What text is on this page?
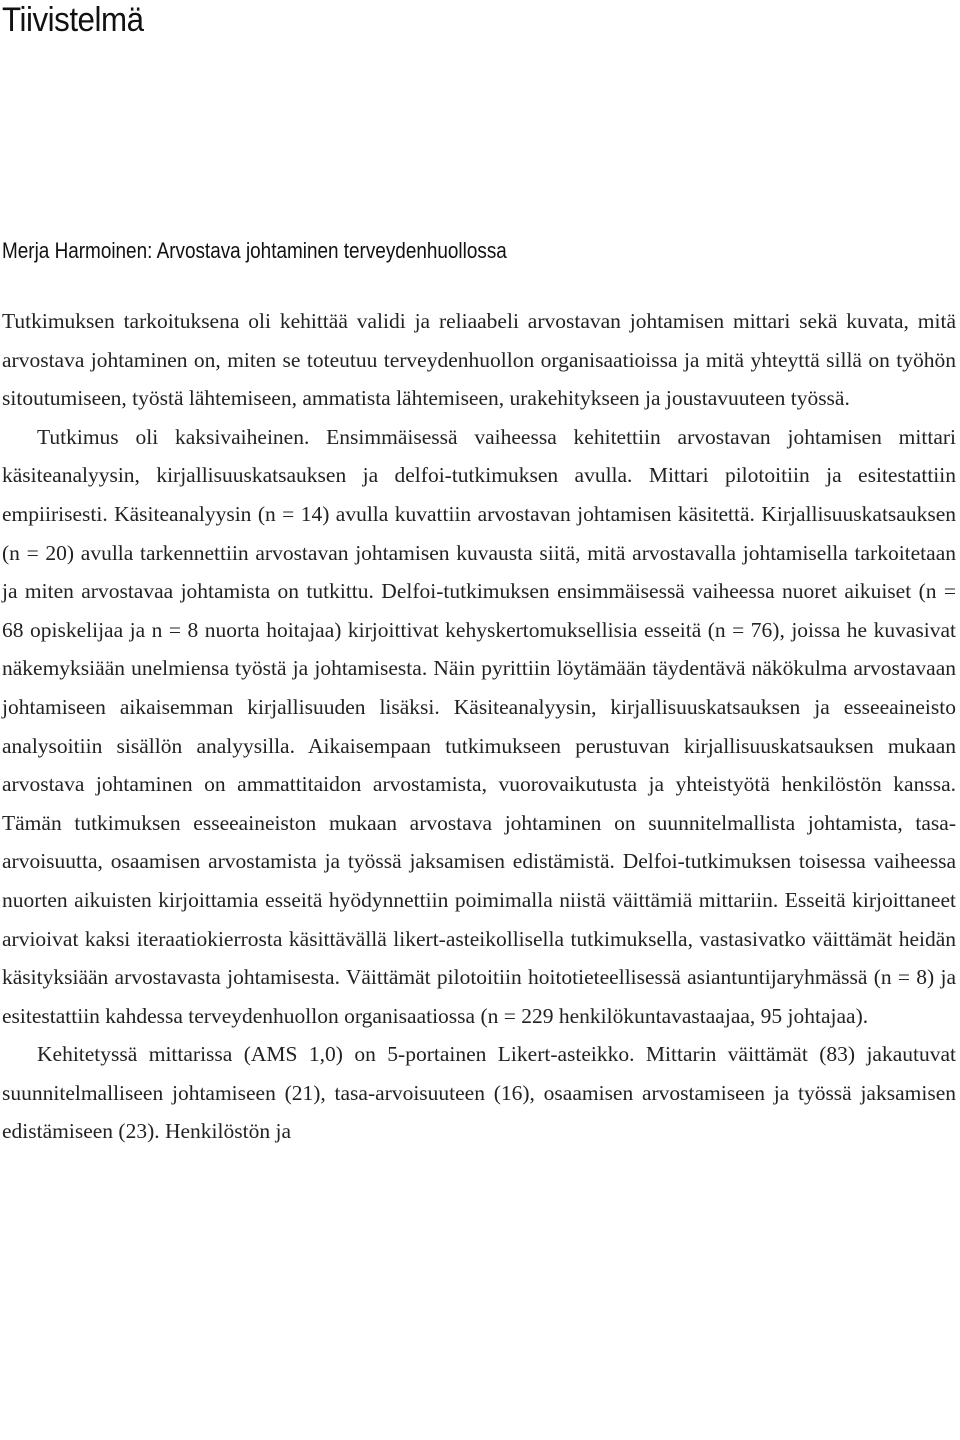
Tiivistelmä
Merja Harmoinen: Arvostava johtaminen terveydenhuollossa

Tutkimuksen tarkoituksena oli kehittää validi ja reliaabeli arvostavan johtamisen mittari sekä kuvata, mitä arvostava johtaminen on, miten se toteutuu terveydenhuollon organisaatioissa ja mitä yhteyttä sillä on työhön sitoutumiseen, työstä lähtemiseen, ammatista lähtemiseen, urakehitykseen ja joustavuuteen työssä.

Tutkimus oli kaksivaiheinen. Ensimmäisessä vaiheessa kehitettiin arvostavan johtamisen mittari käsiteanalyysin, kirjallisuuskatsauksen ja delfoi-tutkimuksen avulla. Mittari pilotoitiin ja esitestattiin empiirisesti. Käsiteanalyysin (n = 14) avulla kuvattiin arvostavan johtamisen käsitettä. Kirjallisuuskatsauksen (n = 20) avulla tarkennettiin arvostavan johtamisen kuvausta siitä, mitä arvostavalla johtamisella tarkoitetaan ja miten arvostavaa johtamista on tutkittu. Delfoi-tutkimuksen ensimmäisessä vaiheessa nuoret aikuiset (n = 68 opiskelijaa ja n = 8 nuorta hoitajaa) kirjoittivat kehyskertomuksellisia esseitä (n = 76), joissa he kuvasivat näkemyksiään unelmiensa työstä ja johtamisesta. Näin pyrittiin löytämään täydentävä näkökulma arvostavaan johtamiseen aikaisemman kirjallisuuden lisäksi. Käsiteanalyysin, kirjallisuuskatsauksen ja esseeaineisto analysoitiin sisällön analyysilla. Aikaisempaan tutkimukseen perustuvan kirjallisuuskatsauksen mukaan arvostava johtaminen on ammattitaidon arvostamista, vuorovaikutusta ja yhteistyötä henkilöstön kanssa. Tämän tutkimuksen esseeaineiston mukaan arvostava johtaminen on suunnitelmallista johtamista, tasa-arvoisuutta, osaamisen arvostamista ja työssä jaksamisen edistämistä. Delfoi-tutkimuksen toisessa vaiheessa nuorten aikuisten kirjoittamia esseitä hyödynnettiin poimimalla niistä väittämiä mittariin. Esseitä kirjoittaneet arvioivat kaksi iteraatiokierrosta käsittävällä likert-asteikollisella tutkimuksella, vastasivatko väittämät heidän käsityksiään arvostavasta johtamisesta. Väittämät pilotoitiin hoitotieteellisessä asiantuntijaryhmässä (n = 8) ja esitestattiin kahdessa terveydenhuollon organisaatiossa (n = 229 henkilökuntavastaajaa, 95 johtajaa).

Kehitetyssä mittarissa (AMS 1,0) on 5-portainen Likert-asteikko. Mittarin väittämät (83) jakautuvat suunnitelmalliseen johtamiseen (21), tasa-arvoisuuteen (16), osaamisen arvostamiseen ja työssä jaksamisen edistämiseen (23). Henkilöstön ja
